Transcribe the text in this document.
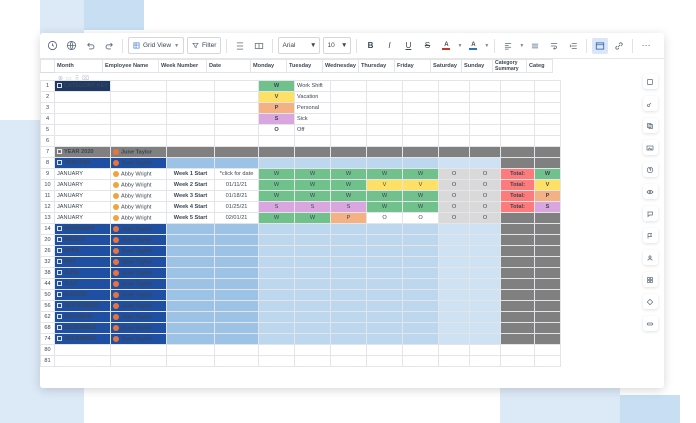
Grid View ▼	Filter	Arial ▼ 10 ▼	B	I	U	S	A ▼ A ▼	▼	⋯
	Month	Employee Name	Week Number	Date	Monday	Tuesday	Wednesday	Thursday	Friday	Saturday	Sunday	Category Summary	Categ
⊕ ▭ ⠿ ⌧
1	− CATEGORY KEY				W	Work Shift							
2					V	Vacation							
3					P	Personal							
4					S	Sick							
5					O	Off							
6													
7	− YEAR 2020	June Taylor											
8	− JANUARY	June Taylor											
9	JANUARY	Abby Wright	Week 1 Start	*click for date	W	W	W	W	W	O	O	Total:	W
10	JANUARY	Abby Wright	Week 2 Start	01/11/21	W	W	W	V	V	O	O	Total:	V
11	JANUARY	Abby Wright	Week 3 Start	01/18/21	W	W	W	W	W	O	O	Total:	P
12	JANUARY	Abby Wright	Week 4 Start	01/25/21	S	S	S	W	W	O	O	Total:	S
13	JANUARY	Abby Wright	Week 5 Start	02/01/21	W	W	P	O	O	O	O		
14	+ FEBRUARY	June Taylor											
20	+ MARCH	June Taylor											
26	+ APRIL	June Taylor											
32	+ MAY	June Taylor											
38	+ JUNE	June Taylor											
44	+ JULY	June Taylor											
50	+ AUGUST	June Taylor											
56	+ SEPTEMBER	June Taylor											
62	+ OCTOBER	June Taylor											
68	+ NOVEMBER	June Taylor											
74	+ DECEMBER	June Taylor											
80													
81													
